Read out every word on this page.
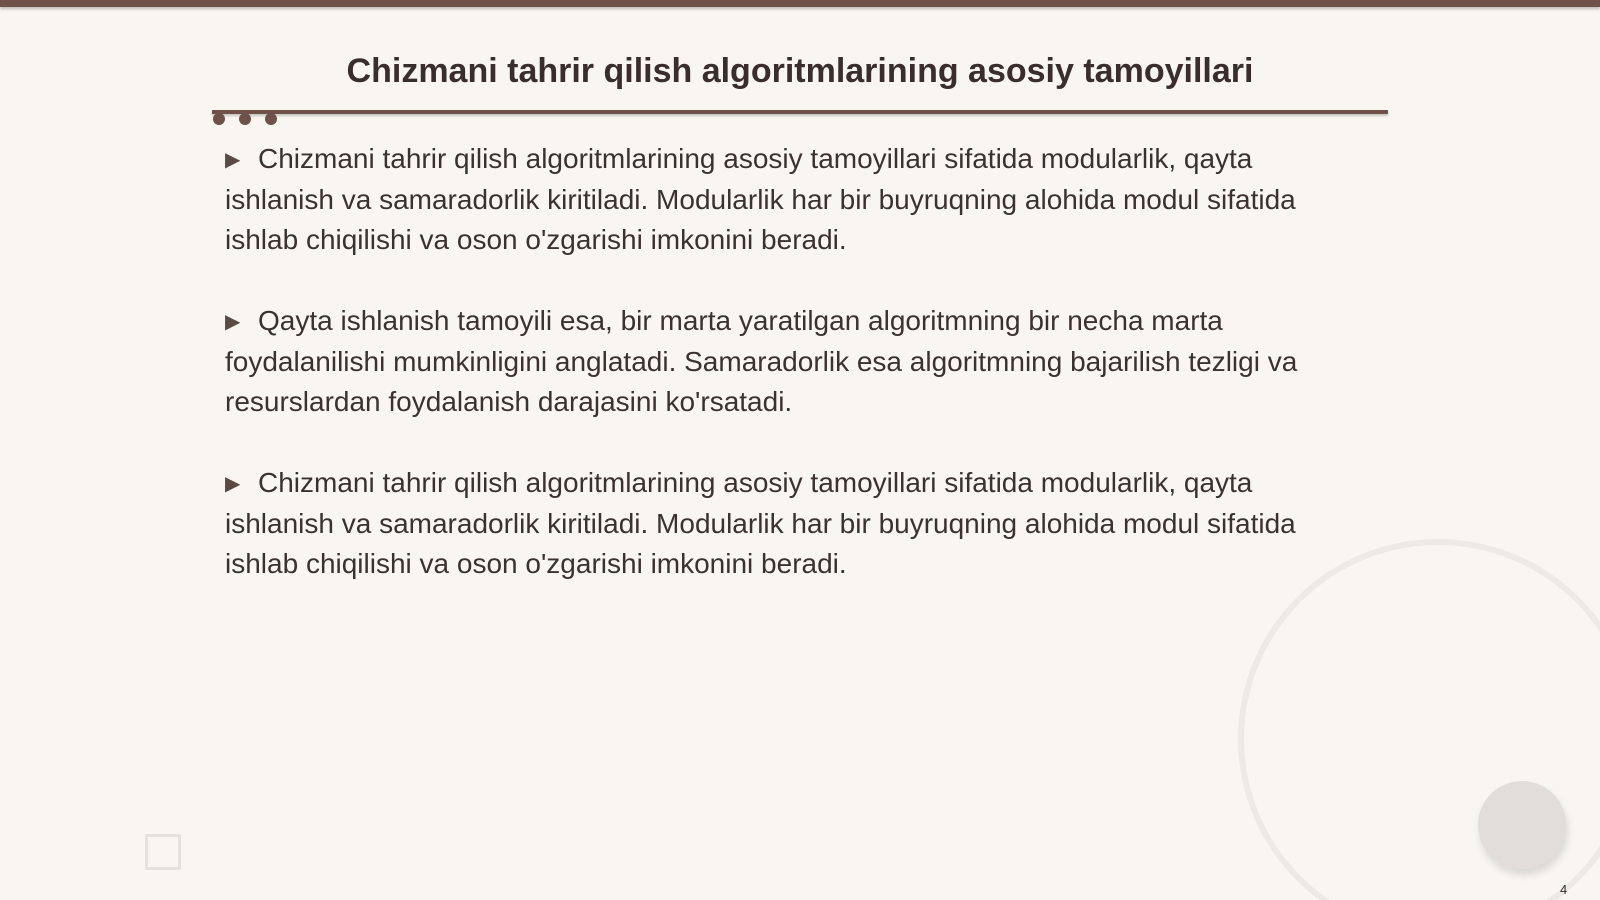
Chizmani tahrir qilish algoritmlarining asosiy tamoyillari

▶ Chizmani tahrir qilish algoritmlarining asosiy tamoyillari sifatida modularlik, qayta ishlanish va samaradorlik kiritiladi. Modularlik har bir buyruqning alohida modul sifatida ishlab chiqilishi va oson o'zgarishi imkonini beradi.

▶ Qayta ishlanish tamoyili esa, bir marta yaratilgan algoritmning bir necha marta foydalanilishi mumkinligini anglatadi. Samaradorlik esa algoritmning bajarilish tezligi va resurslardan foydalanish darajasini ko'rsatadi.

▶ Chizmani tahrir qilish algoritmlarining asosiy tamoyillari sifatida modularlik, qayta ishlanish va samaradorlik kiritiladi. Modularlik har bir buyruqning alohida modul sifatida ishlab chiqilishi va oson o'zgarishi imkonini beradi.

4
